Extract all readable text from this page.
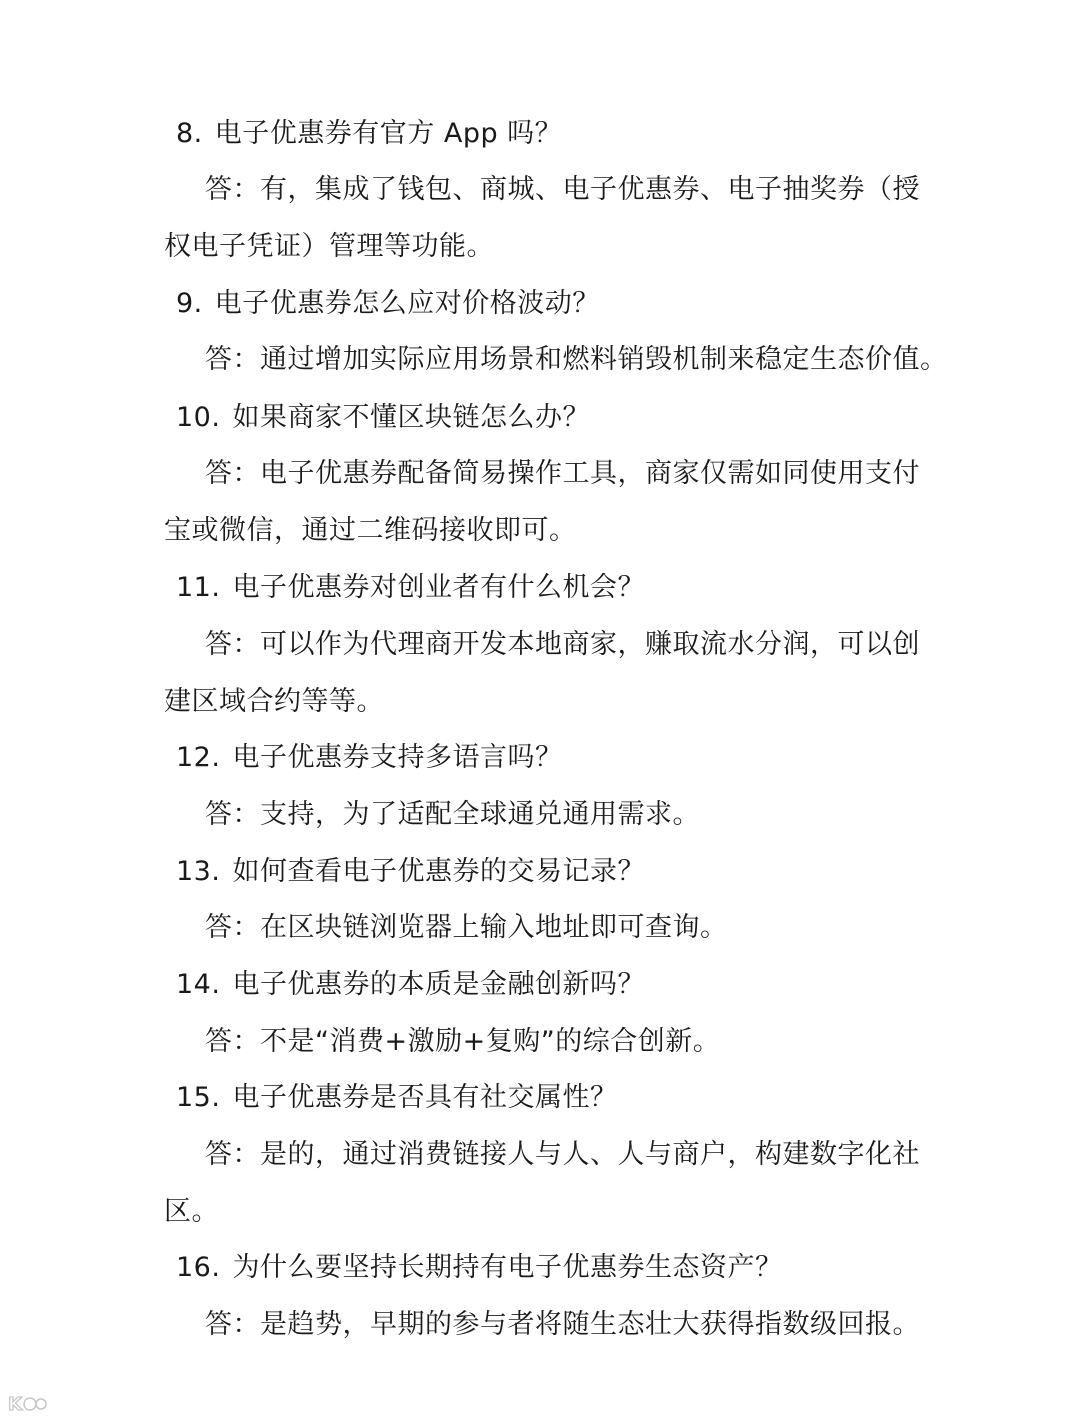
8. 电子优惠券有官方 App 吗？
答：有，集成了钱包、商城、电子优惠券、电子抽奖券（授
权电子凭证）管理等功能。
9. 电子优惠券怎么应对价格波动？
答：通过增加实际应用场景和燃料销毁机制来稳定生态价值。
10. 如果商家不懂区块链怎么办？
答：电子优惠券配备简易操作工具，商家仅需如同使用支付
宝或微信，通过二维码接收即可。
11. 电子优惠券对创业者有什么机会？
答：可以作为代理商开发本地商家，赚取流水分润，可以创
建区域合约等等。
12. 电子优惠券支持多语言吗？
答：支持，为了适配全球通兑通用需求。
13. 如何查看电子优惠券的交易记录？
答：在区块链浏览器上输入地址即可查询。
14. 电子优惠券的本质是金融创新吗？
答：不是“消费+激励+复购”的综合创新。
15. 电子优惠券是否具有社交属性？
答：是的，通过消费链接人与人、人与商户，构建数字化社
区。
16. 为什么要坚持长期持有电子优惠券生态资产？
答：是趋势，早期的参与者将随生态壮大获得指数级回报。
K 大数跨境
